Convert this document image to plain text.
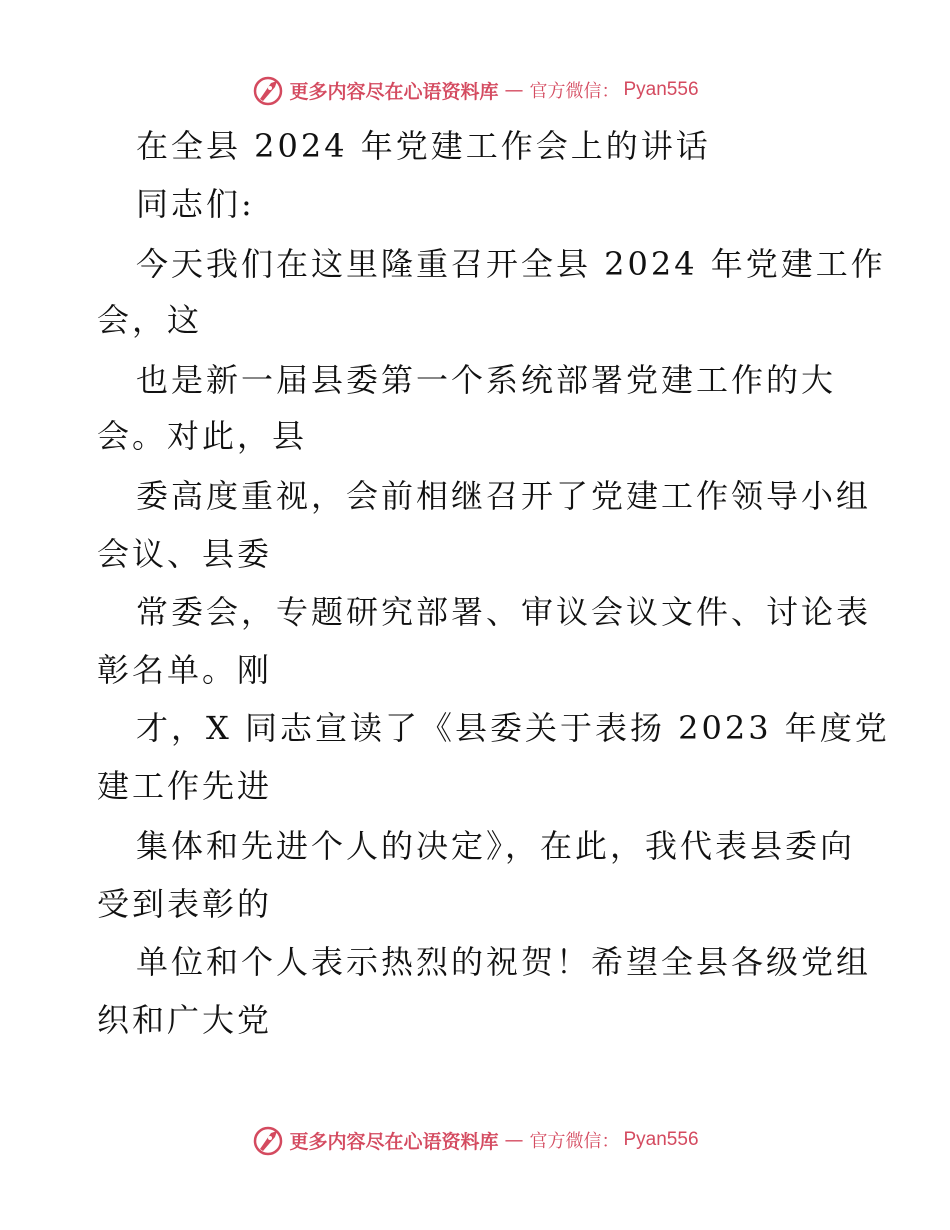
更多内容尽在心语资料库 — 官方微信： Pyan556
在全县 2024 年党建工作会上的讲话
同志们:
今天我们在这里隆重召开全县 2024 年党建工作
会，这
也是新一届县委第一个系统部署党建工作的大
会。对此，县
委高度重视，会前相继召开了党建工作领导小组
会议、县委
常委会，专题研究部署、审议会议文件、讨论表
彰名单。刚
才，X 同志宣读了《县委关于表扬 2023 年度党
建工作先进
集体和先进个人的决定》，在此，我代表县委向
受到表彰的
单位和个人表示热烈的祝贺！希望全县各级党组
织和广大党
更多内容尽在心语资料库 — 官方微信： Pyan556
